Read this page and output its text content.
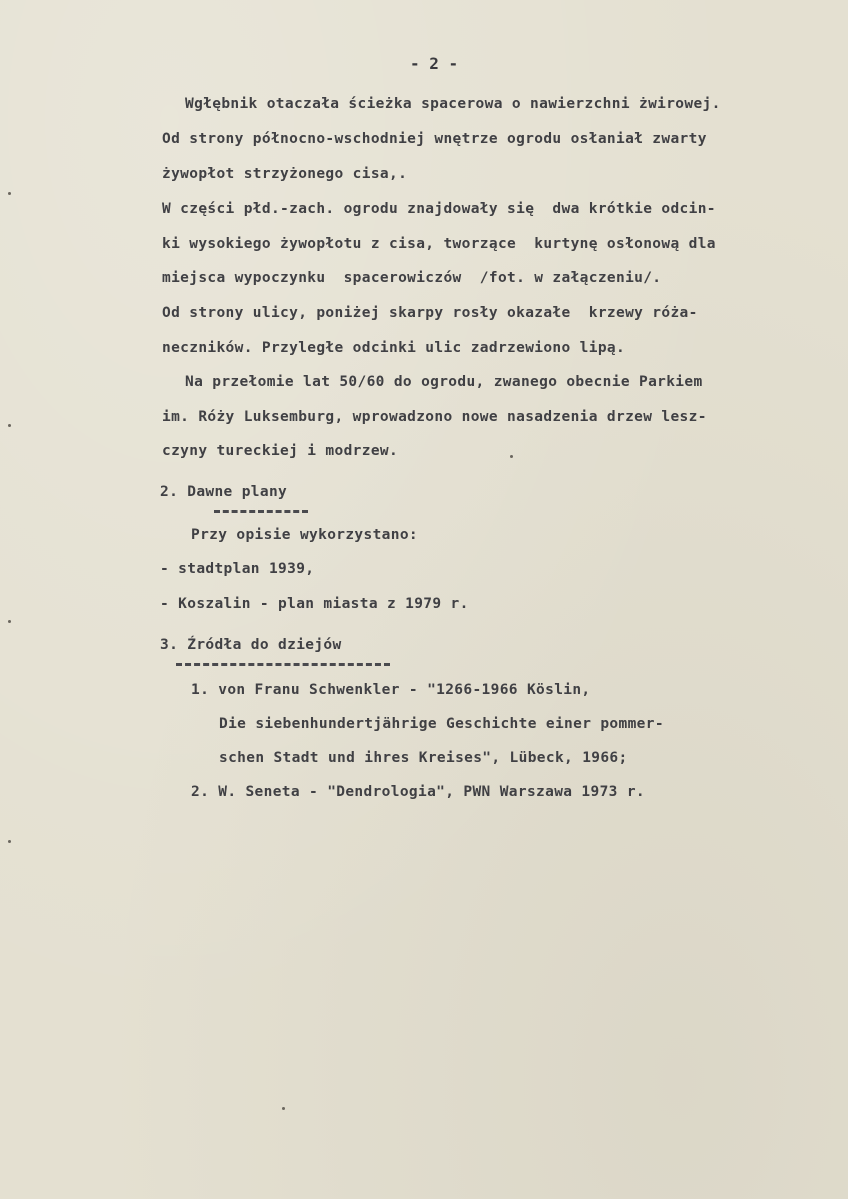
- 2 -
Wgłębnik otaczała ścieżka spacerowa o nawierzchni żwirowej.
Od strony północno-wschodniej wnętrze ogrodu osłaniał zwarty
żywopłot strzyżonego cisa,.
W części płd.-zach. ogrodu znajdowały się  dwa krótkie odcin-
ki wysokiego żywopłotu z cisa, tworzące  kurtynę osłonową dla
miejsca wypoczynku  spacerowiczów  /fot. w załączeniu/.
Od strony ulicy, poniżej skarpy rosły okazałe  krzewy róża-
neczników. Przyległe odcinki ulic zadrzewiono lipą.
Na przełomie lat 50/60 do ogrodu, zwanego obecnie Parkiem
im. Róży Luksemburg, wprowadzono nowe nasadzenia drzew lesz-
czyny tureckiej i modrzew.
2. Dawne plany
Przy opisie wykorzystano:
- stadtplan 1939,
- Koszalin - plan miasta z 1979 r.
3. Źródła do dziejów
1. von Franu Schwenkler - "1266-1966 Köslin,
Die siebenhundertjährige Geschichte einer pommer-
schen Stadt und ihres Kreises", Lübeck, 1966;
2. W. Seneta - "Dendrologia", PWN Warszawa 1973 r.
